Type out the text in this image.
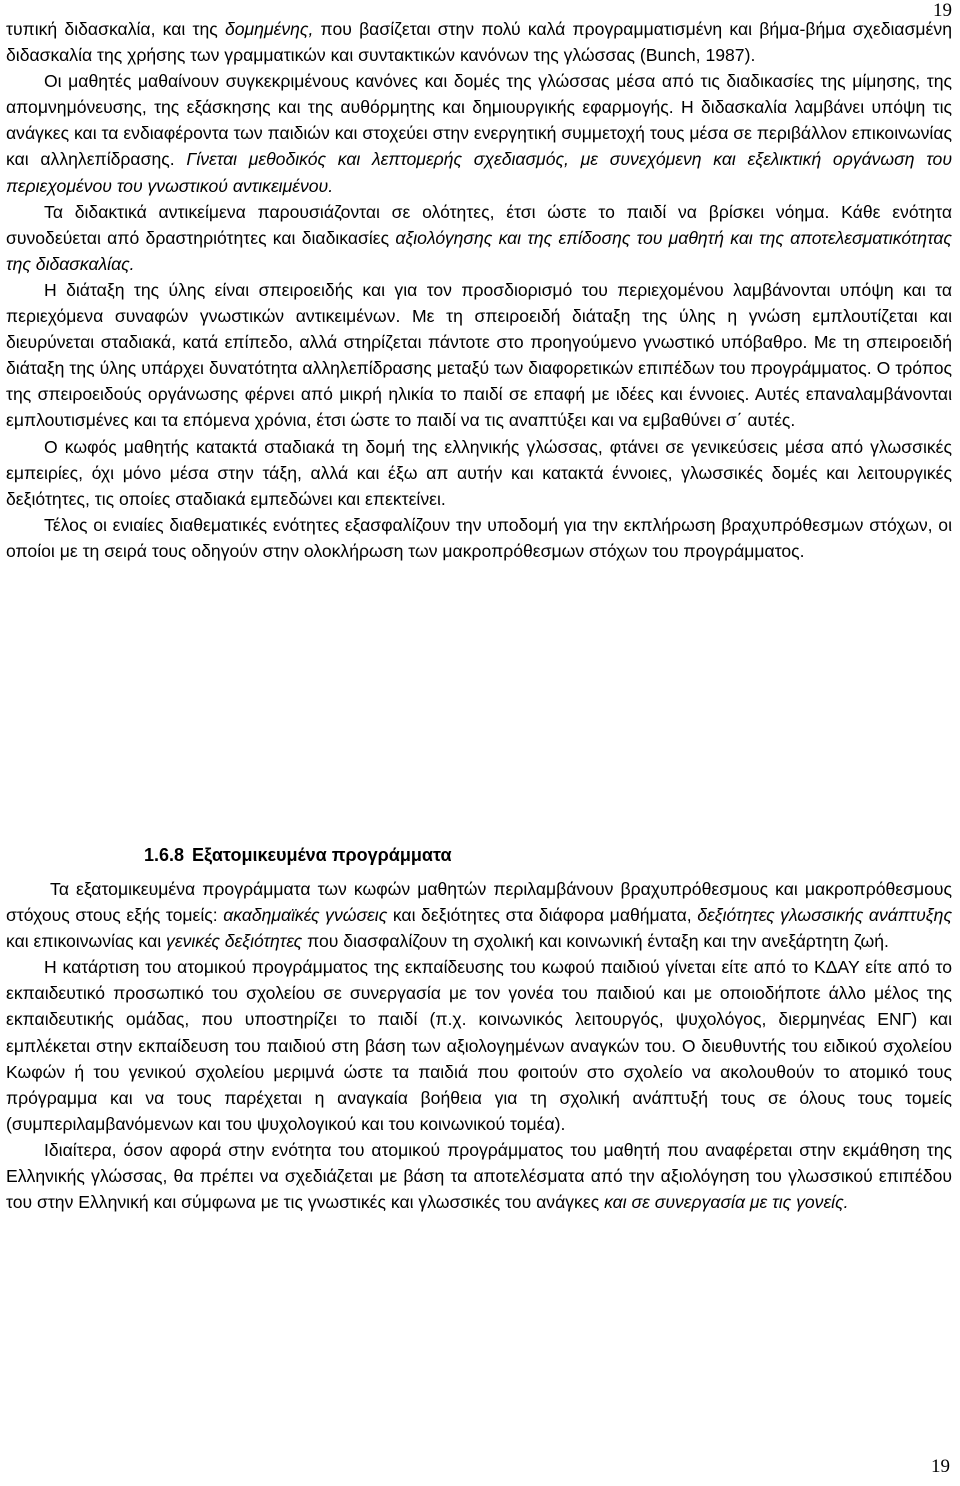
19

τυπική διδασκαλία, και της δομημένης, που βασίζεται στην πολύ καλά προγραμματισμένη και βήμα-βήμα σχεδιασμένη διδασκαλία της χρήσης των γραμματικών και συντακτικών κανόνων της γλώσσας (Bunch, 1987).

Οι μαθητές μαθαίνουν συγκεκριμένους κανόνες και δομές της γλώσσας μέσα από τις διαδικασίες της μίμησης, της απομνημόνευσης, της εξάσκησης και της αυθόρμητης και δημιουργικής εφαρμογής. Η διδασκαλία λαμβάνει υπόψη τις ανάγκες και τα ενδιαφέροντα των παιδιών και στοχεύει στην ενεργητική συμμετοχή τους μέσα σε περιβάλλον επικοινωνίας και αλληλεπίδρασης. Γίνεται μεθοδικός και λεπτομερής σχεδιασμός, με συνεχόμενη και εξελικτική οργάνωση του περιεχομένου του γνωστικού αντικειμένου.

Τα διδακτικά αντικείμενα παρουσιάζονται σε ολότητες, έτσι ώστε το παιδί να βρίσκει νόημα. Κάθε ενότητα συνοδεύεται από δραστηριότητες και διαδικασίες αξιολόγησης και της επίδοσης του μαθητή και της αποτελεσματικότητας της διδασκαλίας.

Η διάταξη της ύλης είναι σπειροειδής και για τον προσδιορισμό του περιεχομένου λαμβάνονται υπόψη και τα περιεχόμενα συναφών γνωστικών αντικειμένων. Με τη σπειροειδή διάταξη της ύλης η γνώση εμπλουτίζεται και διευρύνεται σταδιακά, κατά επίπεδο, αλλά στηρίζεται πάντοτε στο προηγούμενο γνωστικό υπόβαθρο. Με τη σπειροειδή διάταξη της ύλης υπάρχει δυνατότητα αλληλεπίδρασης μεταξύ των διαφορετικών επιπέδων του προγράμματος. Ο τρόπος της σπειροειδούς οργάνωσης φέρνει από μικρή ηλικία το παιδί σε επαφή με ιδέες και έννοιες. Αυτές επαναλαμβάνονται εμπλουτισμένες και τα επόμενα χρόνια, έτσι ώστε το παιδί να τις αναπτύξει και να εμβαθύνει σ΄ αυτές.

Ο κωφός μαθητής κατακτά σταδιακά τη δομή της ελληνικής γλώσσας, φτάνει σε γενικεύσεις μέσα από γλωσσικές εμπειρίες, όχι μόνο μέσα στην τάξη, αλλά και έξω απ αυτήν και κατακτά έννοιες, γλωσσικές δομές και λειτουργικές δεξιότητες, τις οποίες σταδιακά εμπεδώνει και επεκτείνει.

Τέλος οι ενιαίες διαθεματικές ενότητες εξασφαλίζουν την υποδομή για την εκπλήρωση βραχυπρόθεσμων στόχων, οι οποίοι με τη σειρά τους οδηγούν στην ολοκλήρωση των μακροπρόθεσμων στόχων του προγράμματος.

1.6.8 Εξατομικευμένα προγράμματα

Τα εξατομικευμένα προγράμματα των κωφών μαθητών περιλαμβάνουν βραχυπρόθεσμους και μακροπρόθεσμους στόχους στους εξής τομείς: ακαδημαϊκές γνώσεις και δεξιότητες στα διάφορα μαθήματα, δεξιότητες γλωσσικής ανάπτυξης και επικοινωνίας και γενικές δεξιότητες που διασφαλίζουν τη σχολική και κοινωνική ένταξη και την ανεξάρτητη ζωή.

Η κατάρτιση του ατομικού προγράμματος της εκπαίδευσης του κωφού παιδιού γίνεται είτε από το ΚΔΑΥ είτε από το εκπαιδευτικό προσωπικό του σχολείου σε συνεργασία με τον γονέα του παιδιού και με οποιοδήποτε άλλο μέλος της εκπαιδευτικής ομάδας, που υποστηρίζει το παιδί (π.χ. κοινωνικός λειτουργός, ψυχολόγος, διερμηνέας ΕΝΓ) και εμπλέκεται στην εκπαίδευση του παιδιού στη βάση των αξιολογημένων αναγκών του. Ο διευθυντής του ειδικού σχολείου Κωφών ή του γενικού σχολείου μεριμνά ώστε τα παιδιά που φοιτούν στο σχολείο να ακολουθούν το ατομικό τους πρόγραμμα και να τους παρέχεται η αναγκαία βοήθεια για τη σχολική ανάπτυξή τους σε όλους τους τομείς (συμπεριλαμβανόμενων και του ψυχολογικού και του κοινωνικού τομέα).

Ιδιαίτερα, όσον αφορά στην ενότητα του ατομικού προγράμματος του μαθητή που αναφέρεται στην εκμάθηση της Ελληνικής γλώσσας, θα πρέπει να σχεδιάζεται με βάση τα αποτελέσματα από την αξιολόγηση του γλωσσικού επιπέδου του στην Ελληνική και σύμφωνα με τις γνωστικές και γλωσσικές του ανάγκες και σε συνεργασία με τις γονείς.

19
